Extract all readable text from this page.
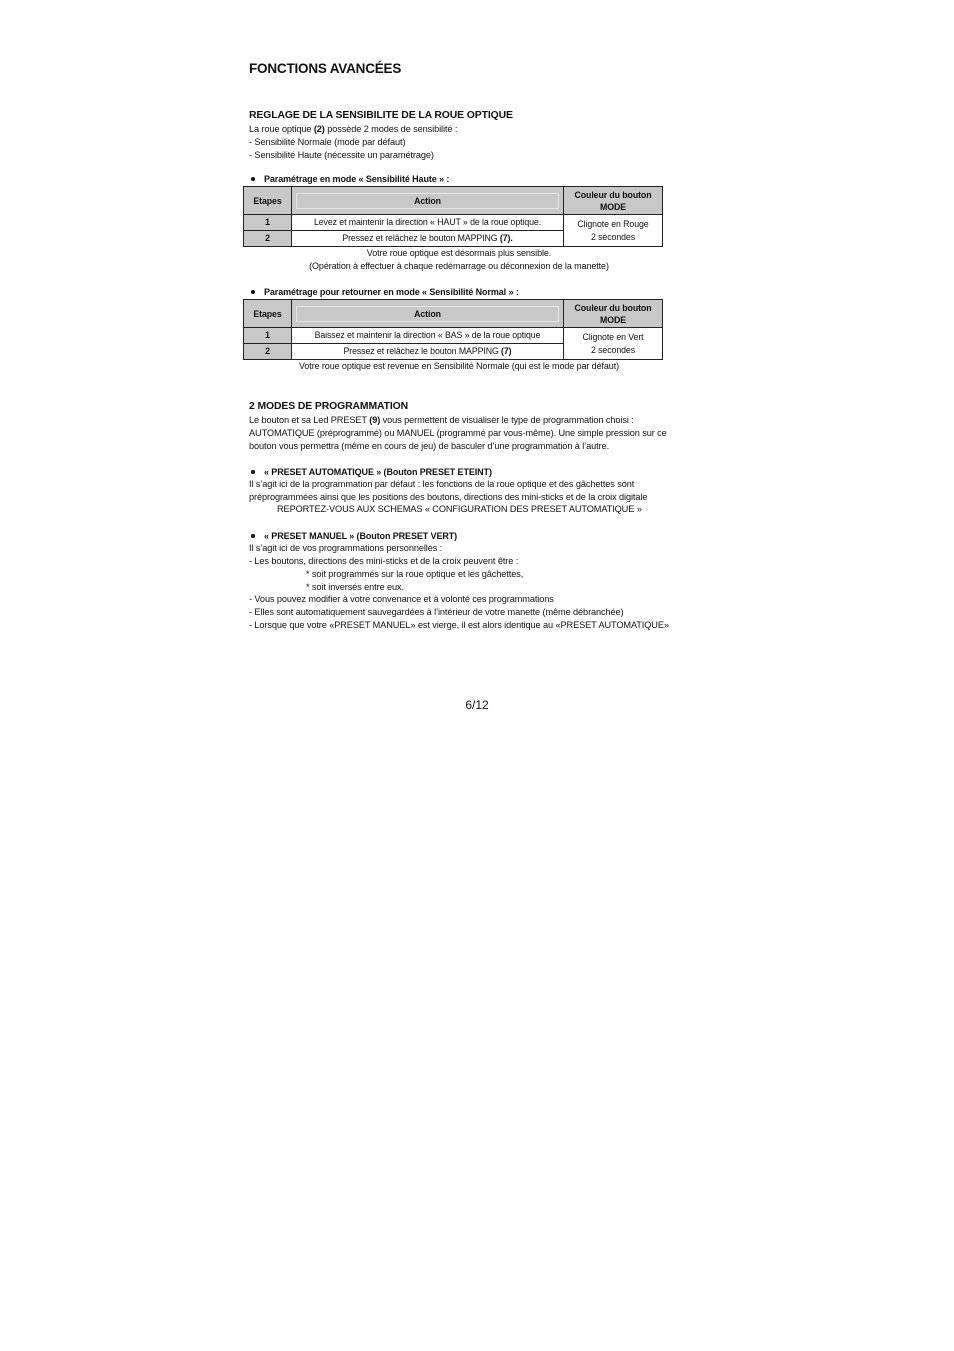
FONCTIONS AVANCÉES
REGLAGE DE LA SENSIBILITE DE LA ROUE OPTIQUE

La roue optique (2) possède 2 modes de sensibilité :

- Sensibilité Normale (mode par défaut)

- Sensibilité Haute (nécessite un paramétrage)

Paramétrage en mode « Sensibilité Haute » :
Etapes	Action	Couleur du bouton MODE
1	Levez et maintenir la direction « HAUT » de la roue optique.	Clignote en Rouge
2 secondes

2	Pressez et relâchez le bouton MAPPING (7).	
Votre roue optique est désormais plus sensible.
(Opération à effectuer à chaque redémarrage ou déconnexion de la manette)
Paramétrage pour retourner en mode « Sensibilité Normal » :
Etapes	Action	Couleur du bouton MODE
1	Baissez et maintenir la direction « BAS » de la roue optique	Clignote en Vert
2 secondes

2	Pressez et relâchez le bouton MAPPING (7)	
Votre roue optique est revenue en Sensibilité Normale (qui est le mode par défaut)
2 MODES DE PROGRAMMATION

Le bouton et sa Led PRESET (9) vous permettent de visualiser le type de programmation choisi :

AUTOMATIQUE (préprogrammé) ou MANUEL (programmé par vous-même). Une simple pression sur ce

bouton vous permettra (même en cours de jeu) de basculer d’une programmation à l’autre.

« PRESET AUTOMATIQUE » (Bouton PRESET ETEINT)

Il s’agit ici de la programmation par défaut : les fonctions de la roue optique et des gâchettes sont

préprogrammées ainsi que les positions des boutons, directions des mini-sticks et de la croix digitale

REPORTEZ-VOUS AUX SCHEMAS « CONFIGURATION DES PRESET AUTOMATIQUE »

« PRESET MANUEL » (Bouton PRESET VERT)

Il s’agit ici de vos programmations personnelles :

- Les boutons, directions des mini-sticks et de la croix peuvent être :

* soit programmés sur la roue optique et les gâchettes,

* soit inversés entre eux.

- Vous pouvez modifier à votre convenance et à volonté ces programmations

- Elles sont automatiquement sauvegardées à l’intérieur de votre manette (même débranchée)

- Lorsque que votre «PRESET MANUEL» est vierge, il est alors identique au «PRESET AUTOMATIQUE»

6/12
